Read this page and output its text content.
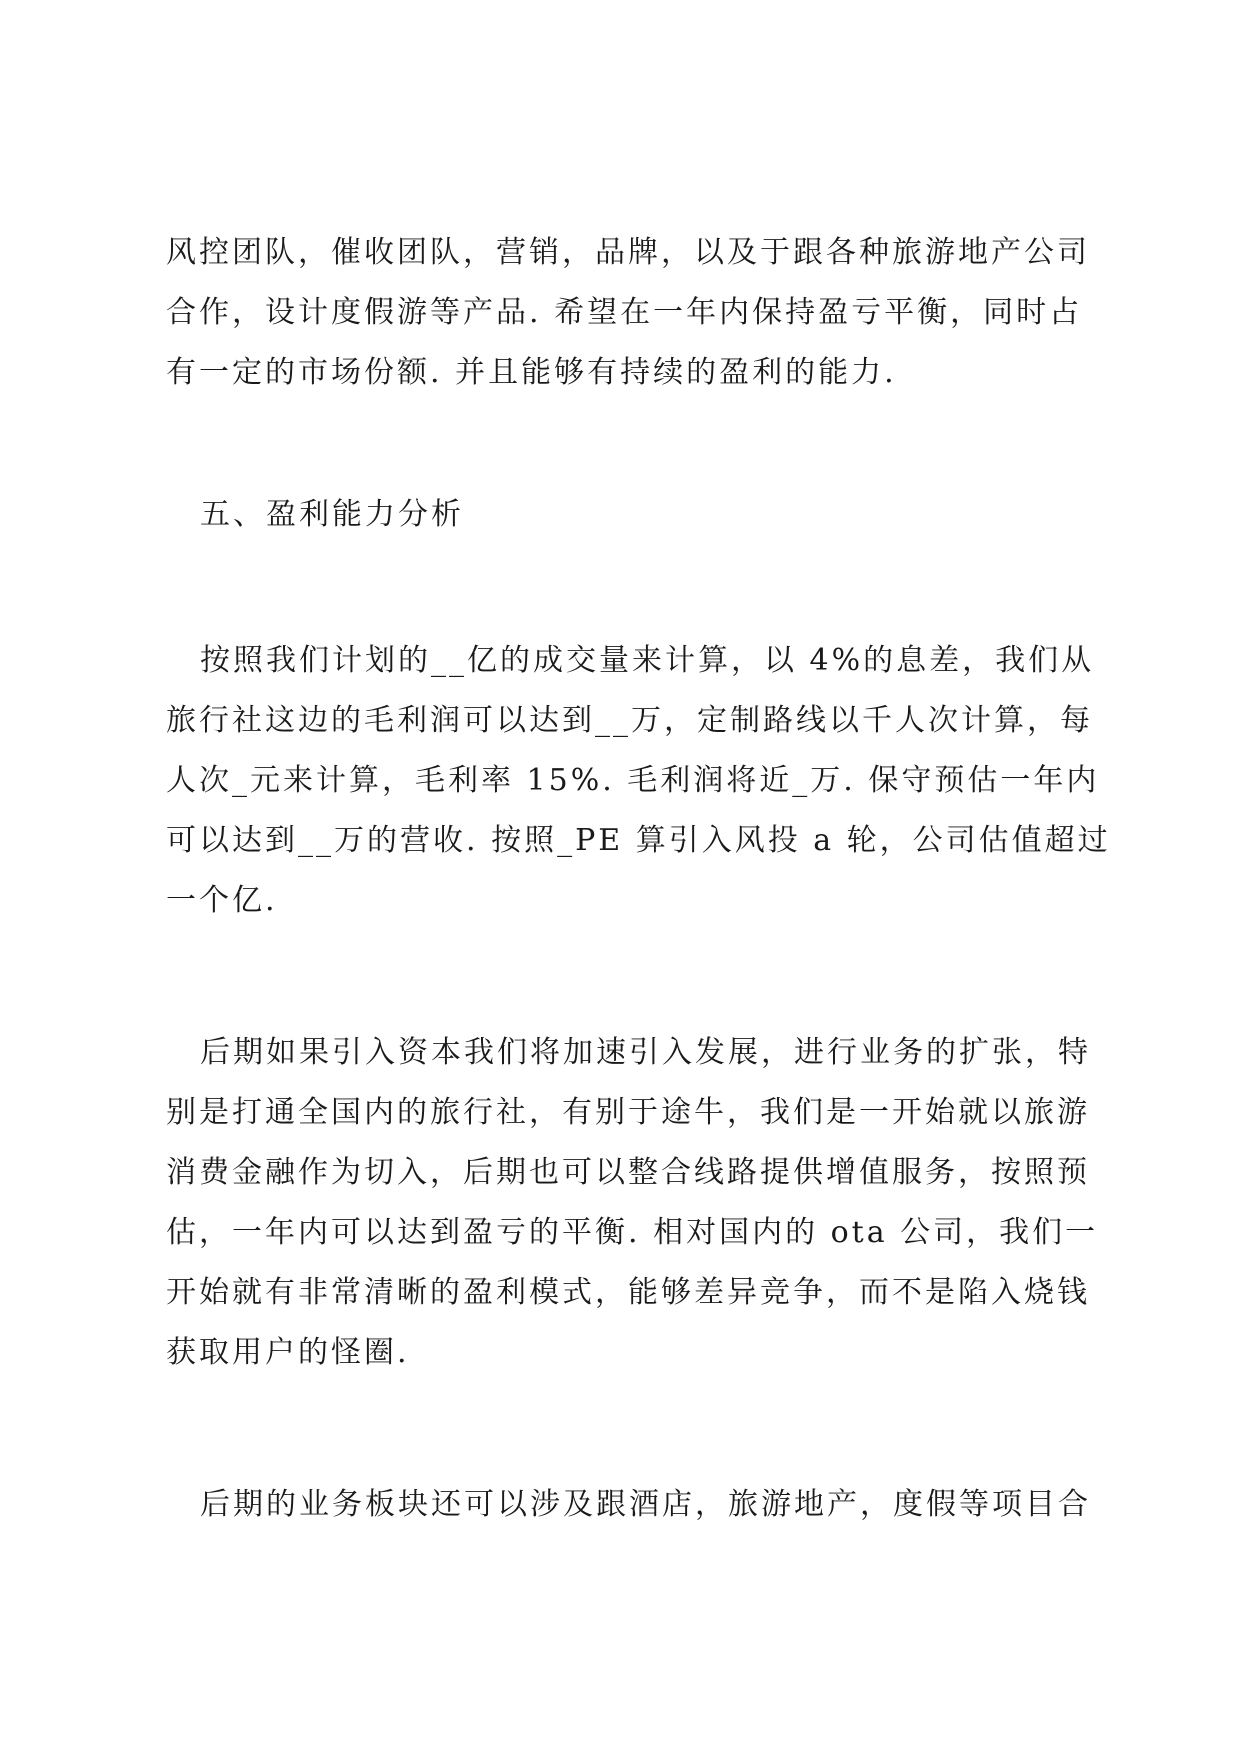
风控团队，催收团队，营销，品牌，以及于跟各种旅游地产公司
合作，设计度假游等产品. 希望在一年内保持盈亏平衡，同时占
有一定的市场份额. 并且能够有持续的盈利的能力.
五、盈利能力分析
按照我们计划的__亿的成交量来计算，以 4%的息差，我们从
旅行社这边的毛利润可以达到__万，定制路线以千人次计算，每
人次_元来计算，毛利率 15%. 毛利润将近_万. 保守预估一年内
可以达到__万的营收. 按照_PE 算引入风投 a 轮，公司估值超过
一个亿.
后期如果引入资本我们将加速引入发展，进行业务的扩张，特
别是打通全国内的旅行社，有别于途牛，我们是一开始就以旅游
消费金融作为切入，后期也可以整合线路提供增值服务，按照预
估，一年内可以达到盈亏的平衡. 相对国内的 ota 公司，我们一
开始就有非常清晰的盈利模式，能够差异竞争，而不是陷入烧钱
获取用户的怪圈.
后期的业务板块还可以涉及跟酒店，旅游地产，度假等项目合
